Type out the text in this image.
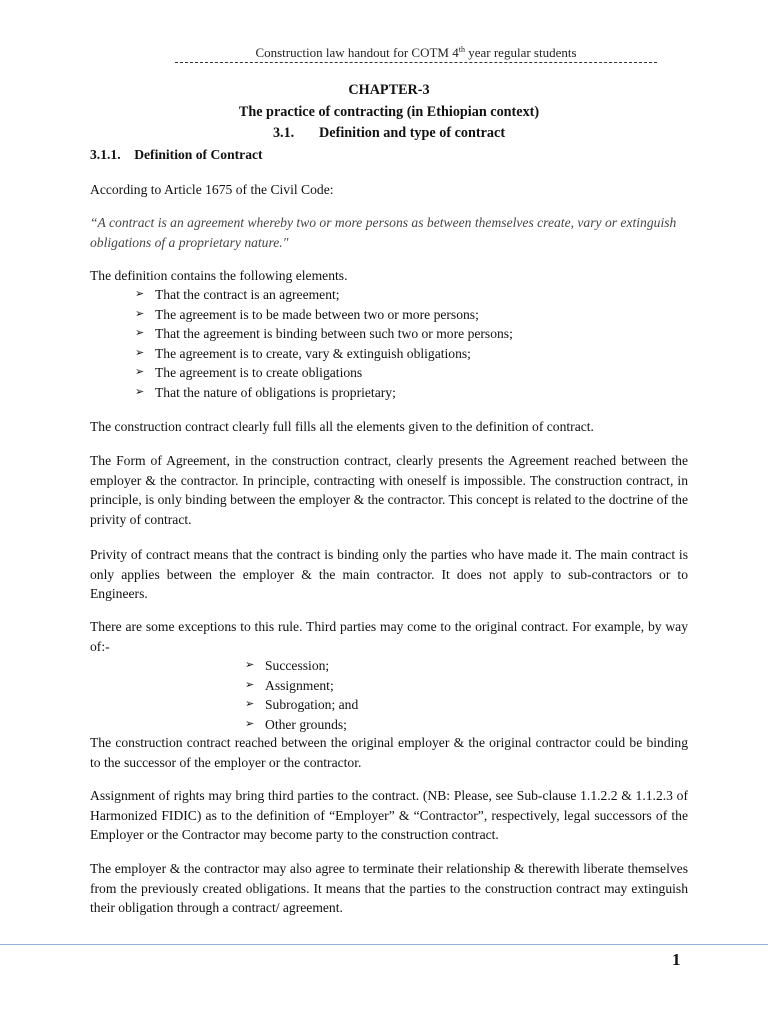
Construction law handout for COTM 4th year regular students
CHAPTER-3
The practice of contracting (in Ethiopian context)
3.1. Definition and type of contract
3.1.1. Definition of Contract
According to Article 1675 of the Civil Code:
“A contract is an agreement whereby two or more persons as between themselves create, vary or extinguish obligations of a proprietary nature.″
The definition contains the following elements.
➢ That the contract is an agreement;
➢ The agreement is to be made between two or more persons;
➢ That the agreement is binding between such two or more persons;
➢ The agreement is to create, vary & extinguish obligations;
➢ The agreement is to create obligations
➢ That the nature of obligations is proprietary;
The construction contract clearly full fills all the elements given to the definition of contract.
The Form of Agreement, in the construction contract, clearly presents the Agreement reached between the employer & the contractor. In principle, contracting with oneself is impossible. The construction contract, in principle, is only binding between the employer & the contractor. This concept is related to the doctrine of the privity of contract.
Privity of contract means that the contract is binding only the parties who have made it. The main contract is only applies between the employer & the main contractor. It does not apply to sub-contractors or to Engineers.
There are some exceptions to this rule. Third parties may come to the original contract. For example, by way of:-
➢ Succession;
➢ Assignment;
➢ Subrogation; and
➢ Other grounds;
The construction contract reached between the original employer & the original contractor could be binding to the successor of the employer or the contractor.
Assignment of rights may bring third parties to the contract. (NB: Please, see Sub-clause 1.1.2.2 & 1.1.2.3 of Harmonized FIDIC) as to the definition of “Employer” & “Contractor”, respectively, legal successors of the Employer or the Contractor may become party to the construction contract.
The employer & the contractor may also agree to terminate their relationship & therewith liberate themselves from the previously created obligations. It means that the parties to the construction contract may extinguish their obligation through a contract/ agreement.
1
